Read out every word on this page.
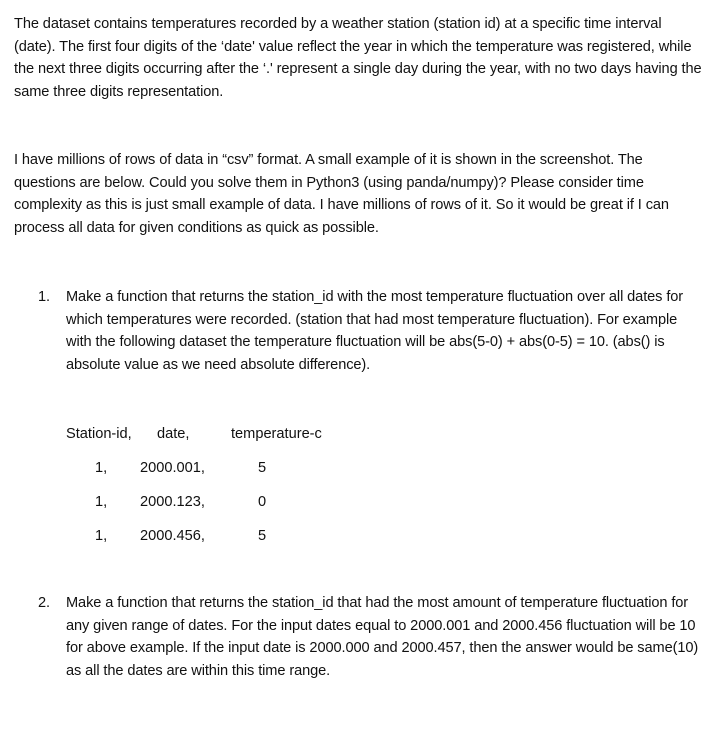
The dataset contains temperatures recorded by a weather station (station id) at a specific time interval (date). The first four digits of the ‘date' value reflect the year in which the temperature was registered, while the next three digits occurring after the ‘.' represent a single day during the year, with no two days having the same three digits representation.

I have millions of rows of data in “csv” format. A small example of it is shown in the screenshot. The questions are below. Could you solve them in Python3 (using panda/numpy)? Please consider time complexity as this is just small example of data. I have millions of rows of it. So it would be great if I can process all data for given conditions as quick as possible.

1.	Make a function that returns the station_id with the most temperature fluctuation over all dates for which temperatures were recorded. (station that had most temperature fluctuation). For example with the following dataset the temperature fluctuation will be abs(5-0) + abs(0-5) = 10. (abs() is absolute value as we need absolute difference).

Station-id, date,	temperature-c
1, 2000.001,	5
1, 2000.123,	0
1, 2000.456,	5
2.	Make a function that returns the station_id that had the most amount of temperature fluctuation for any given range of dates. For the input dates equal to 2000.001 and 2000.456 fluctuation will be 10 for above example. If the input date is 2000.000 and 2000.457, then the answer would be same(10) as all the dates are within this time range.
